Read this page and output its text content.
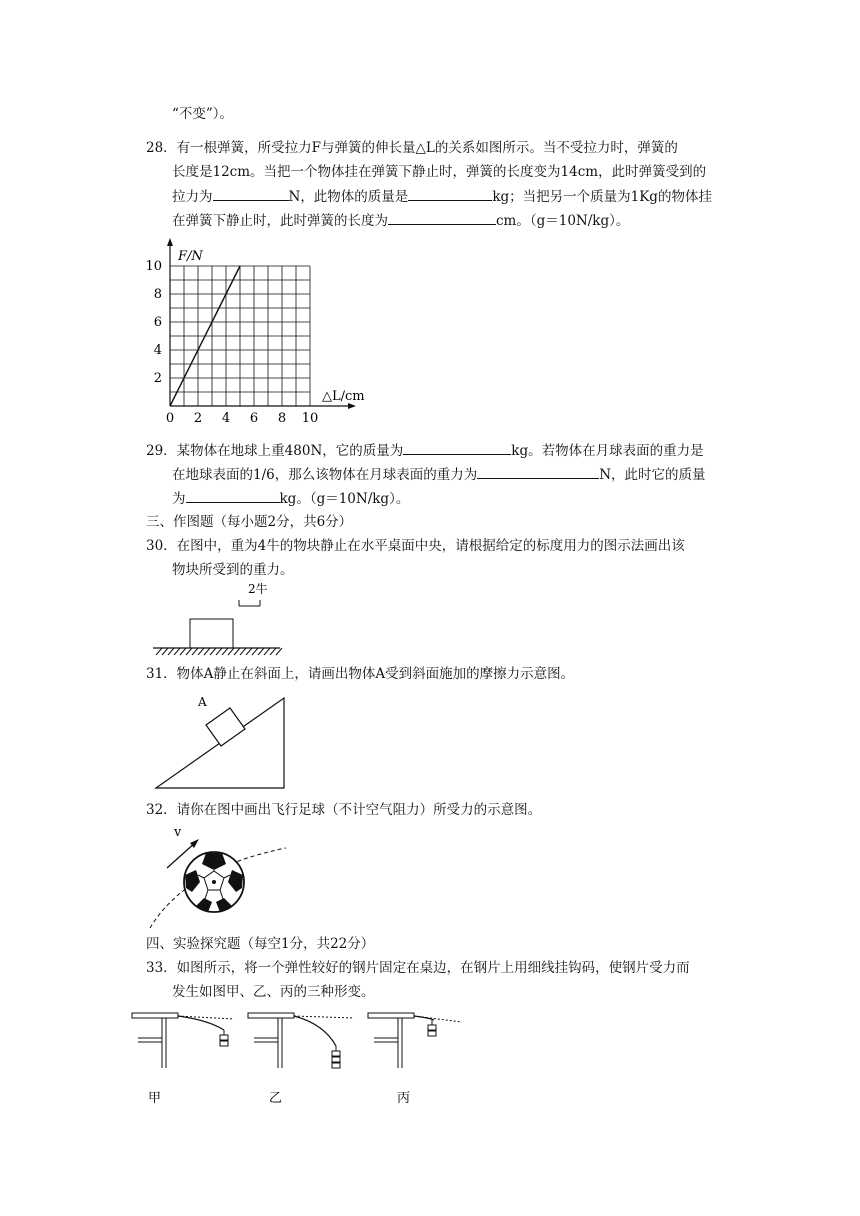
“不变”）。
28．有一根弹簧，所受拉力F与弹簧的伸长量△L的关系如图所示。当不受拉力时，弹簧的
长度是12cm。当把一个物体挂在弹簧下静止时，弹簧的长度变为14cm，此时弹簧受到的
拉力为	N，此物体的质量是	kg；当把另一个质量为1Kg的物体挂
在弹簧下静止时，此时弹簧的长度为	cm。（g＝10N/kg）。
0 2 4 6 8 10
2
4
6
8
10
F/N
△L/cm
29．某物体在地球上重480N，它的质量为	kg。若物体在月球表面的重力是
在地球表面的1/6，那么该物体在月球表面的重力为	N，此时它的质量
为	kg。（g＝10N/kg）。
三、作图题（每小题2分，共6分）
30．在图中，重为4牛的物块静止在水平桌面中央，请根据给定的标度用力的图示法画出该
物块所受到的重力。
2牛
31．物体A静止在斜面上，请画出物体A受到斜面施加的摩擦力示意图。
A
32．请你在图中画出飞行足球（不计空气阻力）所受力的示意图。
v
四、实验探究题（每空1分，共22分）
33．如图所示，将一个弹性较好的钢片固定在桌边，在钢片上用细线挂钩码，使钢片受力而
发生如图甲、乙、丙的三种形变。
甲	乙	丙
